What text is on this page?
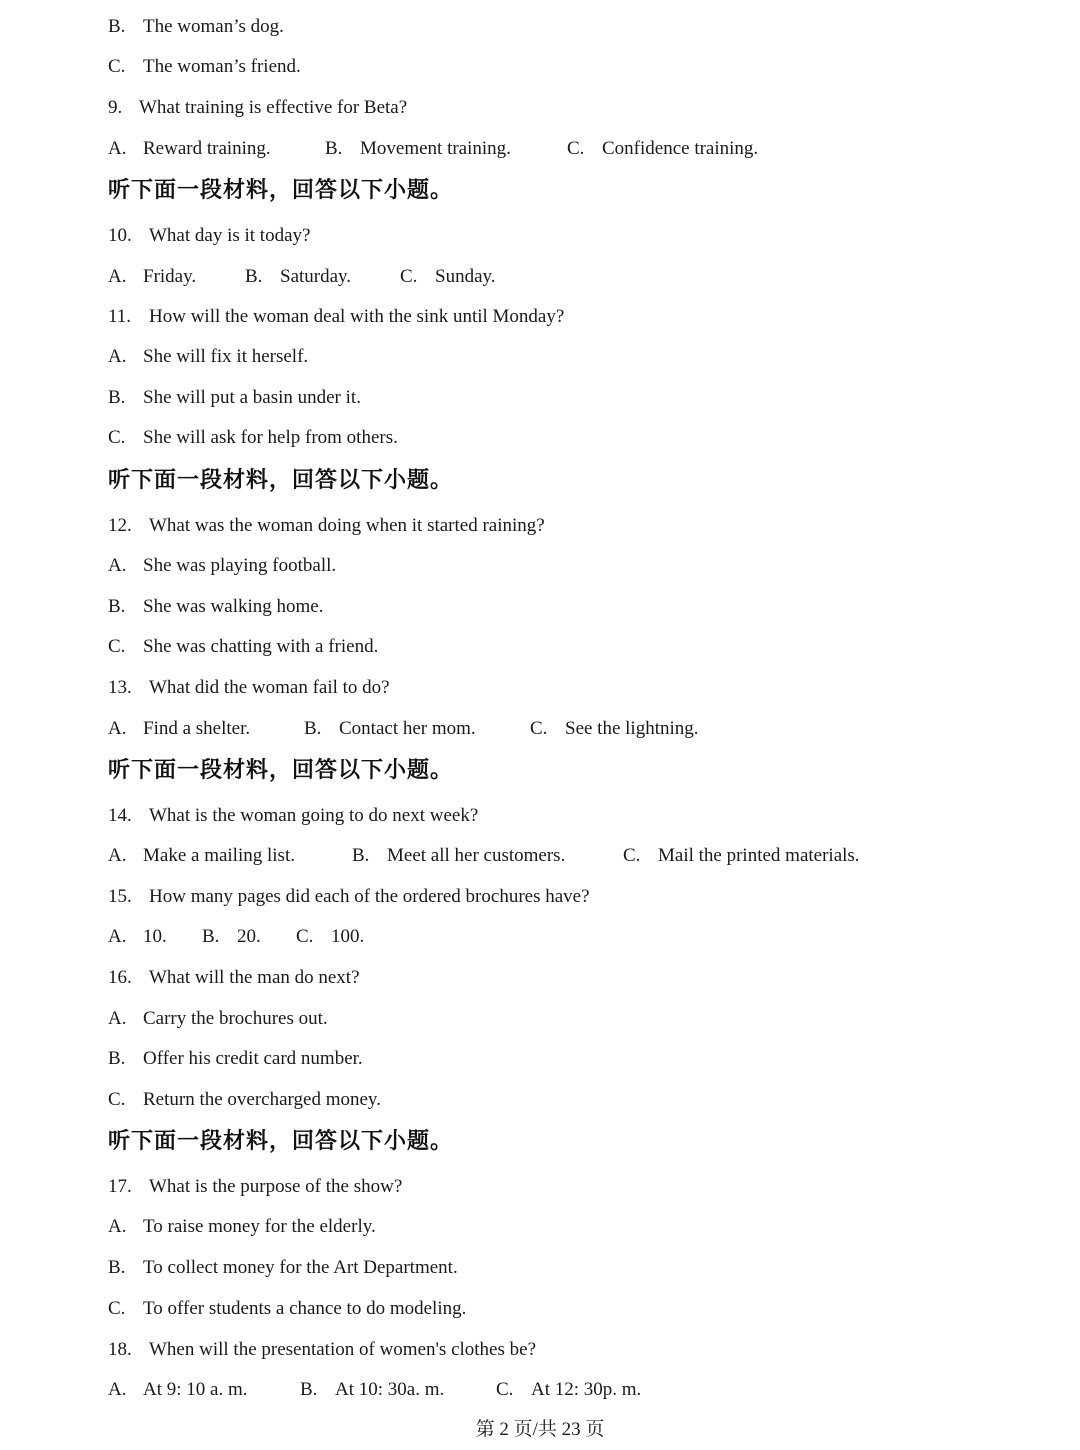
B. The woman’s dog.
C. The woman’s friend.
9. What training is effective for Beta?
A. Reward training.	B. Movement training.	C. Confidence training.
听下面一段材料，回答以下小题。
10. What day is it today?
A. Friday.	B. Saturday.	C. Sunday.
11. How will the woman deal with the sink until Monday?
A. She will fix it herself.
B. She will put a basin under it.
C. She will ask for help from others.
听下面一段材料，回答以下小题。
12. What was the woman doing when it started raining?
A. She was playing football.
B. She was walking home.
C. She was chatting with a friend.
13. What did the woman fail to do?
A. Find a shelter.	B. Contact her mom.	C. See the lightning.
听下面一段材料，回答以下小题。
14. What is the woman going to do next week?
A. Make a mailing list.	B. Meet all her customers.	C. Mail the printed materials.
15. How many pages did each of the ordered brochures have?
A. 10. B. 20. C. 100.
16. What will the man do next?
A. Carry the brochures out.
B. Offer his credit card number.
C. Return the overcharged money.
听下面一段材料，回答以下小题。
17. What is the purpose of the show?
A. To raise money for the elderly.
B. To collect money for the Art Department.
C. To offer students a chance to do modeling.
18. When will the presentation of women's clothes be?
A. At 9: 10 a. m.	B. At 10: 30a. m.	C. At 12: 30p. m.
第 2 页/共 23 页
